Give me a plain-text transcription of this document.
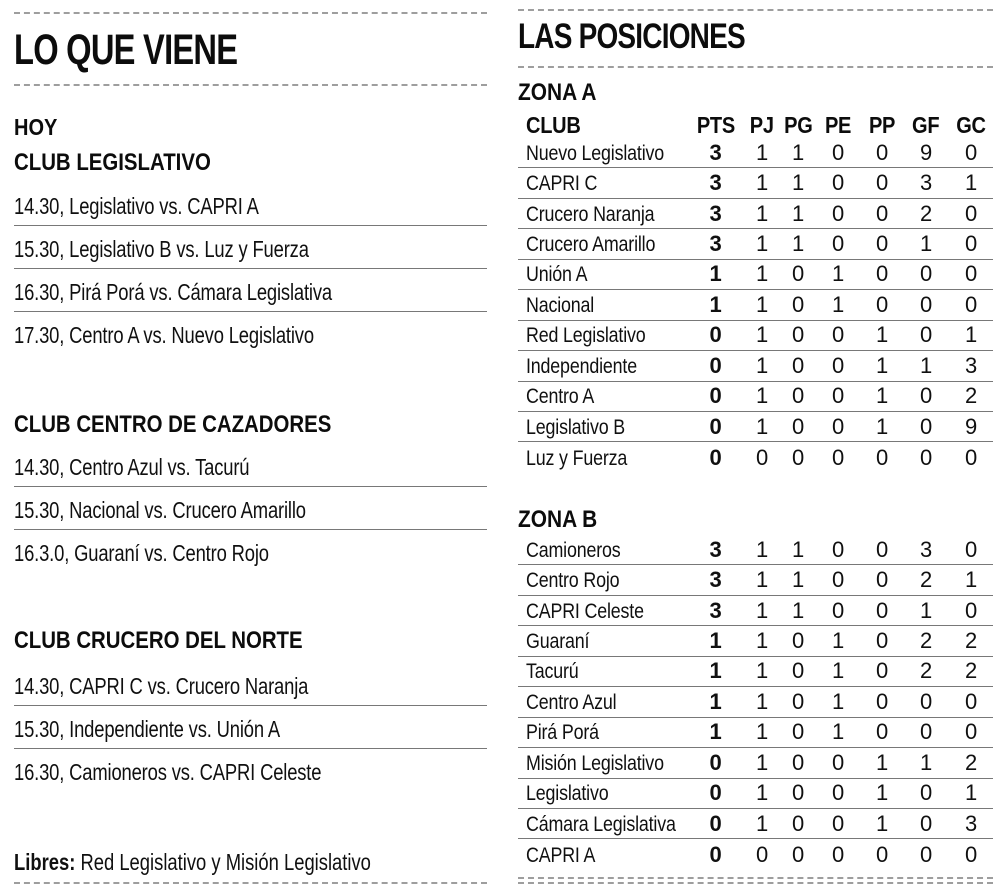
LO QUE VIENE
HOY
CLUB LEGISLATIVO
14.30, Legislativo vs. CAPRI A
15.30, Legislativo B vs. Luz y Fuerza
16.30, Pirá Porá vs. Cámara Legislativa
17.30, Centro A vs. Nuevo Legislativo
CLUB CENTRO DE CAZADORES
14.30, Centro Azul vs. Tacurú
15.30, Nacional vs. Crucero Amarillo
16.3.0, Guaraní vs. Centro Rojo
CLUB CRUCERO DEL NORTE
14.30, CAPRI C vs. Crucero Naranja
15.30, Independiente vs. Unión A
16.30, Camioneros vs. CAPRI Celeste
Libres: Red Legislativo y Misión Legislativo
LAS POSICIONES
ZONA A
CLUB	PTS PJ PG PE PP GF GC
Nuevo Legislativo	3	1	1	0	0	9	0
CAPRI C	3	1	1	0	0	3	1
Crucero Naranja	3	1	1	0	0	2	0
Crucero Amarillo	3	1	1	0	0	1	0
Unión A	1	1	0	1	0	0	0
Nacional	1	1	0	1	0	0	0
Red Legislativo	0	1	0	0	1	0	1
Independiente	0	1	0	0	1	1	3
Centro A	0	1	0	0	1	0	2
Legislativo B	0	1	0	0	1	0	9
Luz y Fuerza	0	0	0	0	0	0	0
ZONA B
Camioneros	3	1	1	0	0	3	0
Centro Rojo	3	1	1	0	0	2	1
CAPRI Celeste	3	1	1	0	0	1	0
Guaraní	1	1	0	1	0	2	2
Tacurú	1	1	0	1	0	2	2
Centro Azul	1	1	0	1	0	0	0
Pirá Porá	1	1	0	1	0	0	0
Misión Legislativo	0	1	0	0	1	1	2
Legislativo	0	1	0	0	1	0	1
Cámara Legislativa	0	1	0	0	1	0	3
CAPRI A	0	0	0	0	0	0	0
